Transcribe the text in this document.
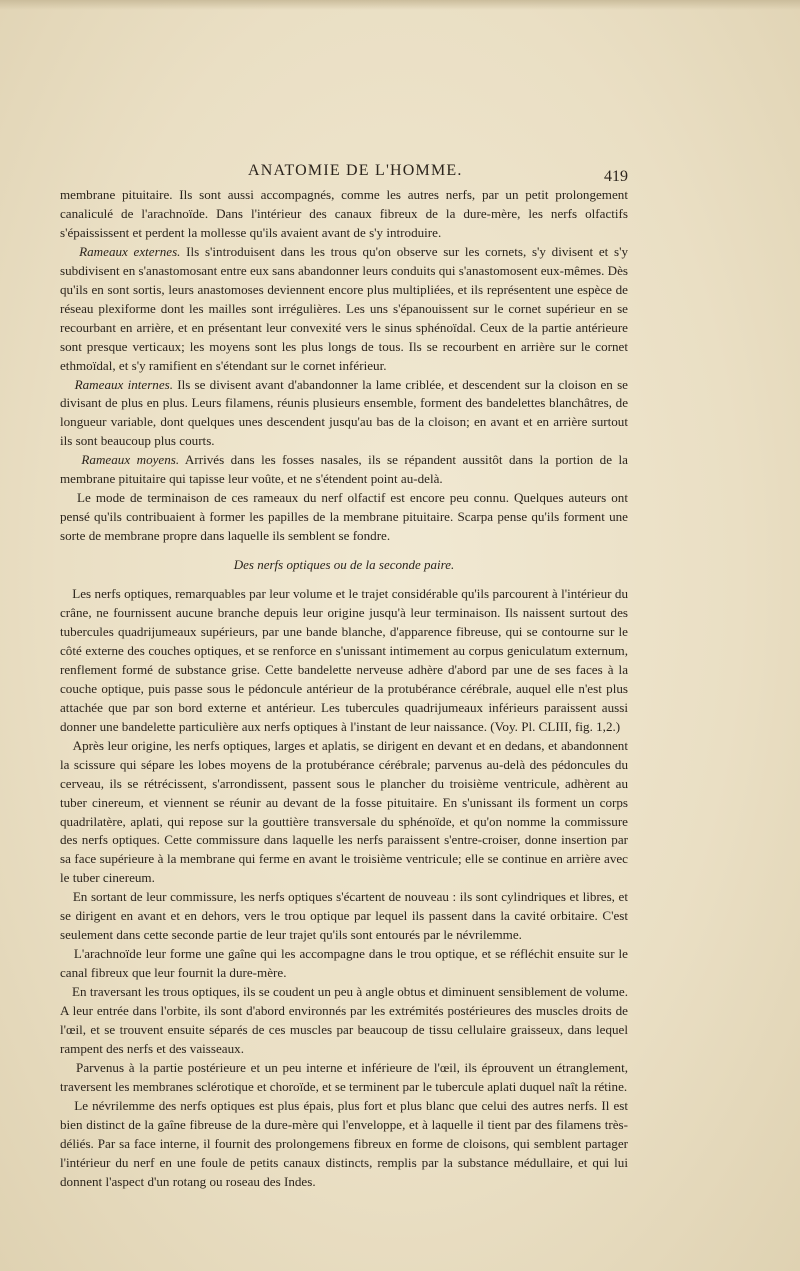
ANATOMIE DE L'HOMME.	419

membrane pituitaire. Ils sont aussi accompagnés, comme les autres nerfs, par un petit prolongement canaliculé de l'arachnoïde. Dans l'intérieur des canaux fibreux de la dure-mère, les nerfs olfactifs s'épaississent et perdent la mollesse qu'ils avaient avant de s'y introduire.

Rameaux externes. Ils s'introduisent dans les trous qu'on observe sur les cornets, s'y divisent et s'y subdivisent en s'anastomosant entre eux sans abandonner leurs conduits qui s'anastomosent eux-mêmes. Dès qu'ils en sont sortis, leurs anastomoses deviennent encore plus multipliées, et ils représentent une espèce de réseau plexiforme dont les mailles sont irrégulières. Les uns s'épanouissent sur le cornet supérieur en se recourbant en arrière, et en présentant leur convexité vers le sinus sphénoïdal. Ceux de la partie antérieure sont presque verticaux; les moyens sont les plus longs de tous. Ils se recourbent en arrière sur le cornet ethmoïdal, et s'y ramifient en s'étendant sur le cornet inférieur.

Rameaux internes. Ils se divisent avant d'abandonner la lame criblée, et descendent sur la cloison en se divisant de plus en plus. Leurs filamens, réunis plusieurs ensemble, forment des bandelettes blanchâtres, de longueur variable, dont quelques unes descendent jusqu'au bas de la cloison; en avant et en arrière surtout ils sont beaucoup plus courts.

Rameaux moyens. Arrivés dans les fosses nasales, ils se répandent aussitôt dans la portion de la membrane pituitaire qui tapisse leur voûte, et ne s'étendent point au-delà.

Le mode de terminaison de ces rameaux du nerf olfactif est encore peu connu. Quelques auteurs ont pensé qu'ils contribuaient à former les papilles de la membrane pituitaire. Scarpa pense qu'ils forment une sorte de membrane propre dans laquelle ils semblent se fondre.

Des nerfs optiques ou de la seconde paire.

Les nerfs optiques, remarquables par leur volume et le trajet considérable qu'ils parcourent à l'intérieur du crâne, ne fournissent aucune branche depuis leur origine jusqu'à leur terminaison. Ils naissent surtout des tubercules quadrijumeaux supérieurs, par une bande blanche, d'apparence fibreuse, qui se contourne sur le côté externe des couches optiques, et se renforce en s'unissant intimement au corpus geniculatum externum, renflement formé de substance grise. Cette bandelette nerveuse adhère d'abord par une de ses faces à la couche optique, puis passe sous le pédoncule antérieur de la protubérance cérébrale, auquel elle n'est plus attachée que par son bord externe et antérieur. Les tubercules quadrijumeaux inférieurs paraissent aussi donner une bandelette particulière aux nerfs optiques à l'instant de leur naissance. (Voy. Pl. CLIII, fig. 1,2.)

Après leur origine, les nerfs optiques, larges et aplatis, se dirigent en devant et en dedans, et abandonnent la scissure qui sépare les lobes moyens de la protubérance cérébrale; parvenus au-delà des pédoncules du cerveau, ils se rétrécissent, s'arrondissent, passent sous le plancher du troisième ventricule, adhèrent au tuber cinereum, et viennent se réunir au devant de la fosse pituitaire. En s'unissant ils forment un corps quadrilatère, aplati, qui repose sur la gouttière transversale du sphénoïde, et qu'on nomme la commissure des nerfs optiques. Cette commissure dans laquelle les nerfs paraissent s'entre-croiser, donne insertion par sa face supérieure à la membrane qui ferme en avant le troisième ventricule; elle se continue en arrière avec le tuber cinereum.

En sortant de leur commissure, les nerfs optiques s'écartent de nouveau : ils sont cylindriques et libres, et se dirigent en avant et en dehors, vers le trou optique par lequel ils passent dans la cavité orbitaire. C'est seulement dans cette seconde partie de leur trajet qu'ils sont entourés par le névrilemme.

L'arachnoïde leur forme une gaîne qui les accompagne dans le trou optique, et se réfléchit ensuite sur le canal fibreux que leur fournit la dure-mère.

En traversant les trous optiques, ils se coudent un peu à angle obtus et diminuent sensiblement de volume. A leur entrée dans l'orbite, ils sont d'abord environnés par les extrémités postérieures des muscles droits de l'œil, et se trouvent ensuite séparés de ces muscles par beaucoup de tissu cellulaire graisseux, dans lequel rampent des nerfs et des vaisseaux.

Parvenus à la partie postérieure et un peu interne et inférieure de l'œil, ils éprouvent un étranglement, traversent les membranes sclérotique et choroïde, et se terminent par le tubercule aplati duquel naît la rétine.

Le névrilemme des nerfs optiques est plus épais, plus fort et plus blanc que celui des autres nerfs. Il est bien distinct de la gaîne fibreuse de la dure-mère qui l'enveloppe, et à laquelle il tient par des filamens très-déliés. Par sa face interne, il fournit des prolongemens fibreux en forme de cloisons, qui semblent partager l'intérieur du nerf en une foule de petits canaux distincts, remplis par la substance médullaire, et qui lui donnent l'aspect d'un rotang ou roseau des Indes.
